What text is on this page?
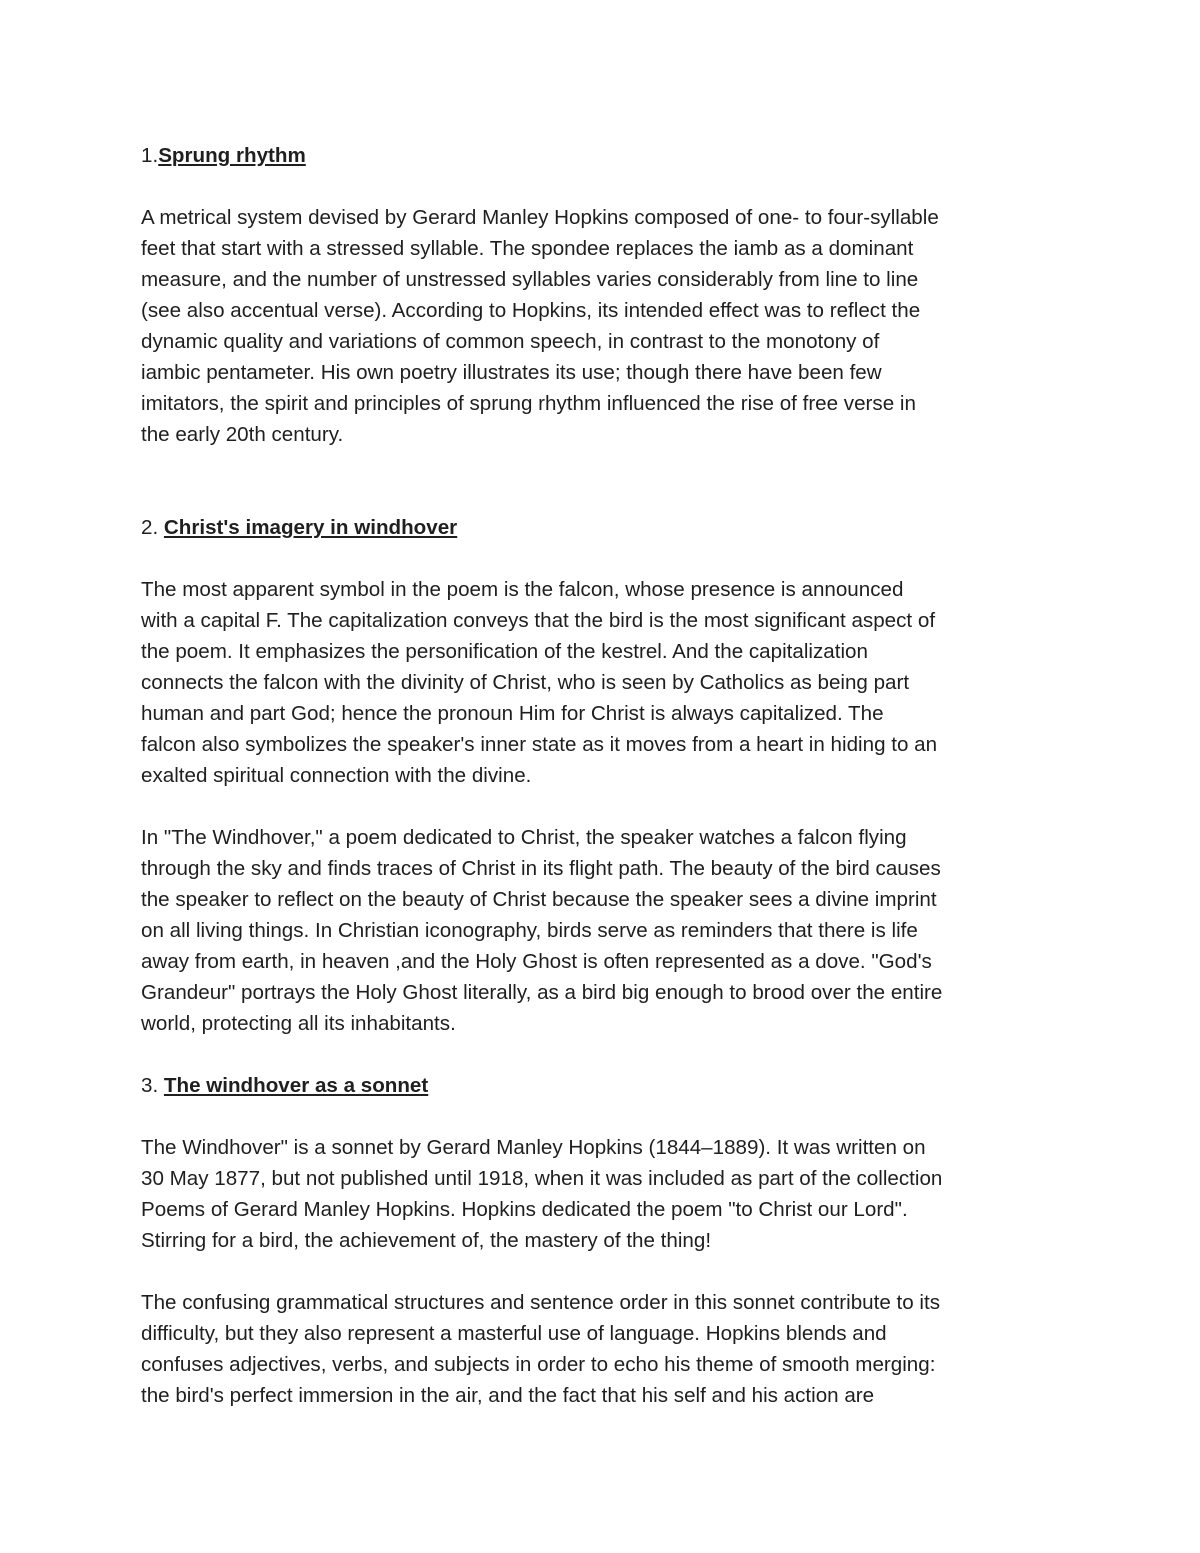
1.Sprung rhythm
A metrical system devised by Gerard Manley Hopkins composed of one- to four-syllable
feet that start with a stressed syllable. The spondee replaces the iamb as a dominant
measure, and the number of unstressed syllables varies considerably from line to line
(see also accentual verse). According to Hopkins, its intended effect was to reflect the
dynamic quality and variations of common speech, in contrast to the monotony of
iambic pentameter. His own poetry illustrates its use; though there have been few
imitators, the spirit and principles of sprung rhythm influenced the rise of free verse in
the early 20th century.
2. Christ's imagery in windhover
The most apparent symbol in the poem is the falcon, whose presence is announced
with a capital F. The capitalization conveys that the bird is the most significant aspect of
the poem. It emphasizes the personification of the kestrel. And the capitalization
connects the falcon with the divinity of Christ, who is seen by Catholics as being part
human and part God; hence the pronoun Him for Christ is always capitalized. The
falcon also symbolizes the speaker's inner state as it moves from a heart in hiding to an
exalted spiritual connection with the divine.
In "The Windhover," a poem dedicated to Christ, the speaker watches a falcon flying
through the sky and finds traces of Christ in its flight path. The beauty of the bird causes
the speaker to reflect on the beauty of Christ because the speaker sees a divine imprint
on all living things. In Christian iconography, birds serve as reminders that there is life
away from earth, in heaven ,and the Holy Ghost is often represented as a dove. "God's
Grandeur" portrays the Holy Ghost literally, as a bird big enough to brood over the entire
world, protecting all its inhabitants.
3. The windhover as a sonnet
The Windhover" is a sonnet by Gerard Manley Hopkins (1844–1889). It was written on
30 May 1877, but not published until 1918, when it was included as part of the collection
Poems of Gerard Manley Hopkins. Hopkins dedicated the poem "to Christ our Lord".
Stirring for a bird, the achievement of, the mastery of the thing!
The confusing grammatical structures and sentence order in this sonnet contribute to its
difficulty, but they also represent a masterful use of language. Hopkins blends and
confuses adjectives, verbs, and subjects in order to echo his theme of smooth merging:
the bird's perfect immersion in the air, and the fact that his self and his action are
